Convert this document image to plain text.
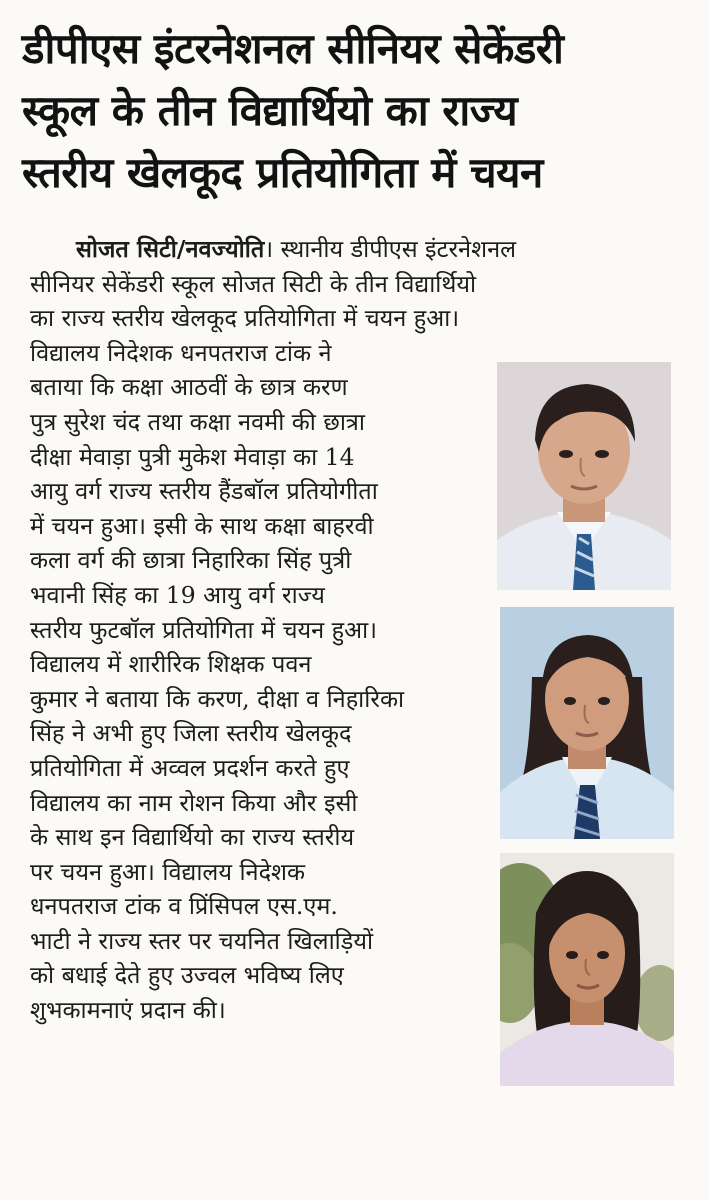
डीपीएस इंटरनेशनल सीनियर सेकेंडरी
स्कूल के तीन विद्यार्थियो का राज्य
स्तरीय खेलकूद प्रतियोगिता में चयन
सोजत सिटी/नवज्योति। स्थानीय डीपीएस इंटरनेशनल
सीनियर सेकेंडरी स्कूल सोजत सिटी के तीन विद्यार्थियो
का राज्य स्तरीय खेलकूद प्रतियोगिता में चयन हुआ।
विद्यालय निदेशक धनपतराज टांक ने
बताया कि कक्षा आठवीं के छात्र करण
पुत्र सुरेश चंद तथा कक्षा नवमी की छात्रा
दीक्षा मेवाड़ा पुत्री मुकेश मेवाड़ा का 14
आयु वर्ग राज्य स्तरीय हैंडबॉल प्रतियोगीता
में चयन हुआ। इसी के साथ कक्षा बाहरवी
कला वर्ग की छात्रा निहारिका सिंह पुत्री
भवानी सिंह का 19 आयु वर्ग राज्य
स्तरीय फुटबॉल प्रतियोगिता में चयन हुआ।
विद्यालय में शारीरिक शिक्षक पवन
कुमार ने बताया कि करण, दीक्षा व निहारिका
सिंह ने अभी हुए जिला स्तरीय खेलकूद
प्रतियोगिता में अव्वल प्रदर्शन करते हुए
विद्यालय का नाम रोशन किया और इसी
के साथ इन विद्यार्थियो का राज्य स्तरीय
पर चयन हुआ। विद्यालय निदेशक
धनपतराज टांक व प्रिंसिपल एस.एम.
भाटी ने राज्य स्तर पर चयनित खिलाड़ियों
को बधाई देते हुए उज्वल भविष्य लिए
शुभकामनाएं प्रदान की।
